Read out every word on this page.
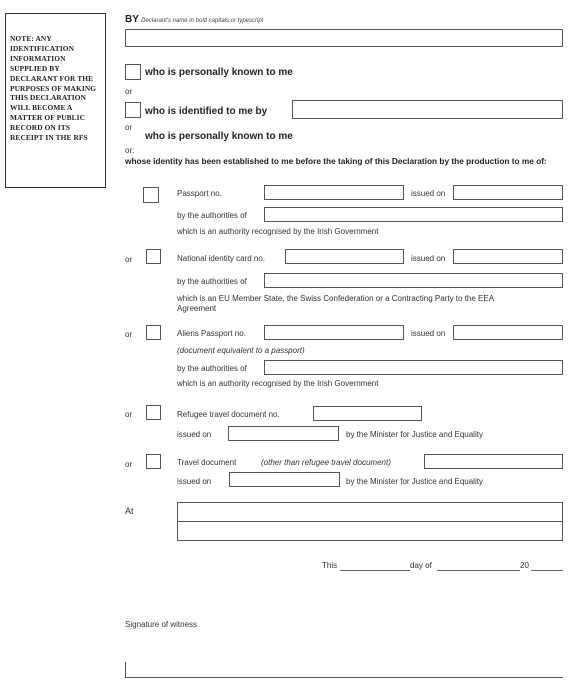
NOTE: ANY IDENTIFICATION INFORMATION SUPPLIED BY DECLARANT FOR THE PURPOSES OF MAKING THIS DECLARATION WILL BECOME A MATTER OF PUBLIC RECORD ON ITS RECEIPT IN THE RFS
BY Declarant's name in bold capitals or typescript
who is personally known to me
or
who is identified to me by
or
who is personally known to me
or:
whose identity has been established to me before the taking of this Declaration by the production to me of:
Passport no.	issued on
by the authorities of
which is an authority recognised by the Irish Government
or	National identity card no.	issued on
by the authorities of
which is an EU Member State, the Swiss Confederation or a Contracting Party to the EEA
Agreement
or	Aliens Passport no.	issued on
(document equivalent to a passport)
by the authorities of
which is an authority recognised by the Irish Government
or	Refugee travel document no.
issued on	by the Minister for Justice and Equality
or	Travel document	(other than refugee travel document)
issued on	by the Minister for Justice and Equality
At
This	day of	20
Signature of witness
